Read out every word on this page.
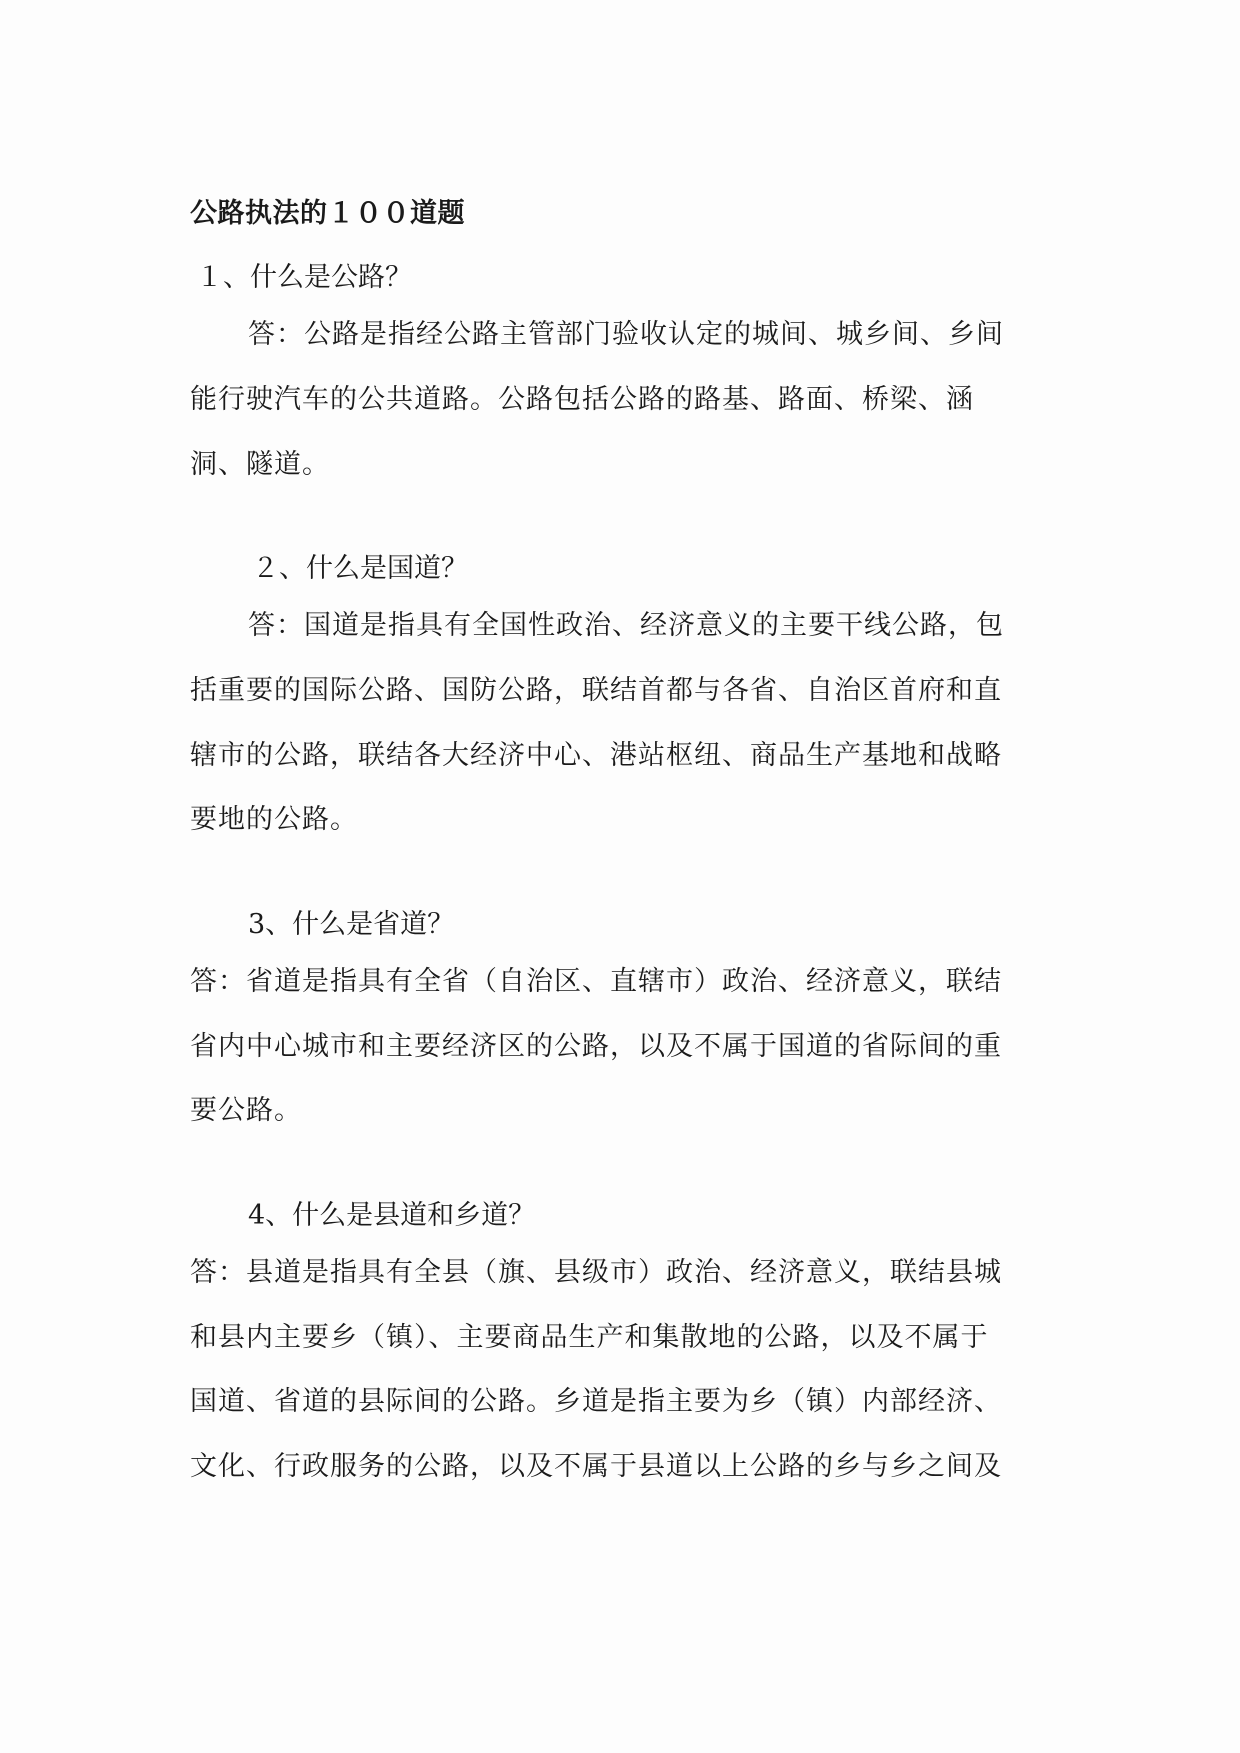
公路执法的１００道题
１、什么是公路？
答：公路是指经公路主管部门验收认定的城间、城乡间、乡间
能行驶汽车的公共道路。公路包括公路的路基、路面、桥梁、涵
洞、隧道。
２、什么是国道？
答：国道是指具有全国性政治、经济意义的主要干线公路，包
括重要的国际公路、国防公路，联结首都与各省、自治区首府和直
辖市的公路，联结各大经济中心、港站枢纽、商品生产基地和战略
要地的公路。
3、什么是省道？
答：省道是指具有全省（自治区、直辖市）政治、经济意义，联结
省内中心城市和主要经济区的公路，以及不属于国道的省际间的重
要公路。
4、什么是县道和乡道？
答：县道是指具有全县（旗、县级市）政治、经济意义，联结县城
和县内主要乡（镇）、主要商品生产和集散地的公路，以及不属于
国道、省道的县际间的公路。乡道是指主要为乡（镇）内部经济、
文化、行政服务的公路，以及不属于县道以上公路的乡与乡之间及
